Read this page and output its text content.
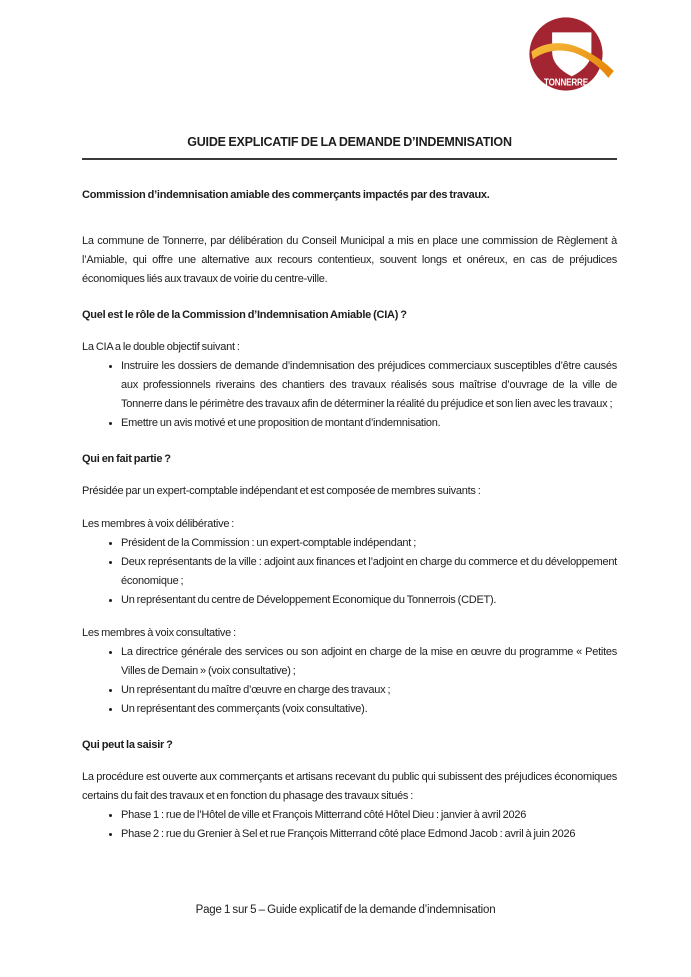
TONNERRE
GUIDE EXPLICATIF DE LA DEMANDE D’INDEMNISATION

Commission d’indemnisation amiable des commerçants impactés par des travaux.

La commune de Tonnerre, par délibération du Conseil Municipal a mis en place une commission de Règlement à l’Amiable, qui offre une alternative aux recours contentieux, souvent longs et onéreux, en cas de préjudices économiques liés aux travaux de voirie du centre-ville.

Quel est le rôle de la Commission d’Indemnisation Amiable (CIA) ?

La CIA a le double objectif suivant :

• Instruire les dossiers de demande d’indemnisation des préjudices commerciaux susceptibles d’être causés aux professionnels riverains des chantiers des travaux réalisés sous maîtrise d’ouvrage de la ville de Tonnerre dans le périmètre des travaux afin de déterminer la réalité du préjudice et son lien avec les travaux ;
• Emettre un avis motivé et une proposition de montant d’indemnisation.
Qui en fait partie ?

Présidée par un expert-comptable indépendant et est composée de membres suivants :

Les membres à voix délibérative :

• Président de la Commission : un expert-comptable indépendant ;
• Deux représentants de la ville : adjoint aux finances et l’adjoint en charge du commerce et du développement économique ;
• Un représentant du centre de Développement Economique du Tonnerrois (CDET).

Les membres à voix consultative :

• La directrice générale des services ou son adjoint en charge de la mise en œuvre du programme « Petites Villes de Demain » (voix consultative) ;
• Un représentant du maître d’œuvre en charge des travaux ;
• Un représentant des commerçants (voix consultative).
Qui peut la saisir ?

La procédure est ouverte aux commerçants et artisans recevant du public qui subissent des préjudices économiques certains du fait des travaux et en fonction du phasage des travaux situés :

• Phase 1 : rue de l’Hôtel de ville et François Mitterrand côté Hôtel Dieu : janvier à avril 2026
• Phase 2 : rue du Grenier à Sel et rue François Mitterrand côté place Edmond Jacob : avril à juin 2026
Page 1 sur 5 – Guide explicatif de la demande d’indemnisation
